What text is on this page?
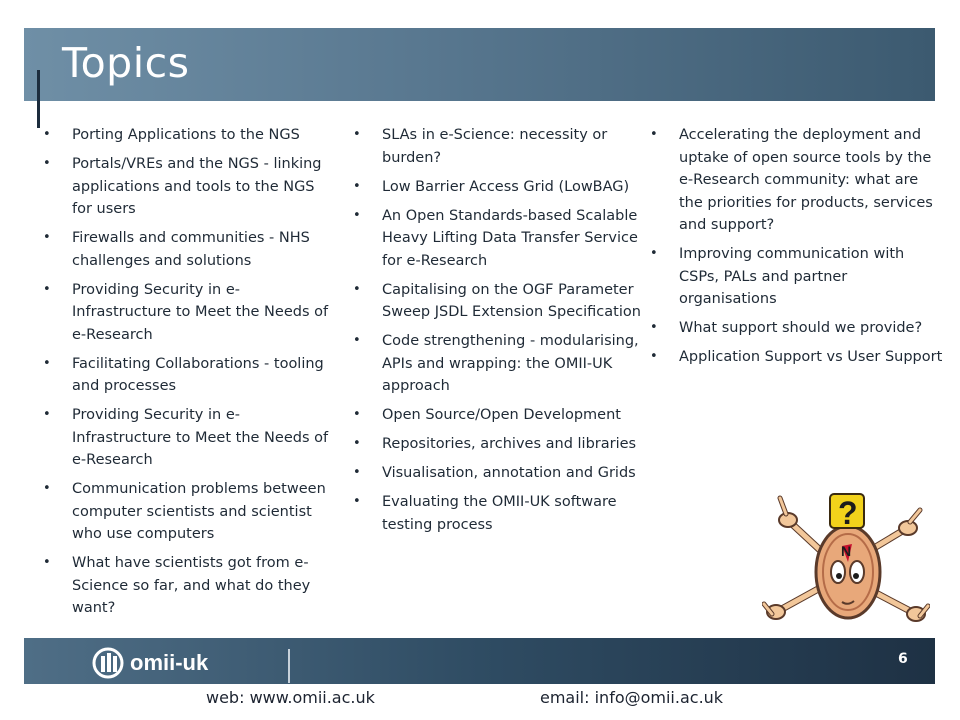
Topics
• Porting Applications to the NGS
• Portals/VREs and the NGS - linking applications and tools to the NGS for users
• Firewalls and communities - NHS challenges and solutions
• Providing Security in e-Infrastructure to Meet the Needs of e-Research
• Facilitating Collaborations - tooling and processes
• Providing Security in e-Infrastructure to Meet the Needs of e-Research
• Communication problems between computer scientists and scientist who use computers
• What have scientists got from e-Science so far, and what do they want?
• SLAs in e-Science: necessity or burden?
• Low Barrier Access Grid (LowBAG)
• An Open Standards-based Scalable Heavy Lifting Data Transfer Service for e-Research
• Capitalising on the OGF Parameter Sweep JSDL Extension Specification
• Code strengthening - modularising, APIs and wrapping: the OMII-UK approach
• Open Source/Open Development
• Repositories, archives and libraries
• Visualisation, annotation and Grids
• Evaluating the OMII-UK software testing process
• Accelerating the deployment and uptake of open source tools by the e-Research community: what are the priorities for products, services and support?
• Improving communication with CSPs, PALs and partner organisations
• What support should we provide?
• Application Support vs User Support
N
?
omii-uk	6
web: www.omii.ac.uk	email: info@omii.ac.uk
